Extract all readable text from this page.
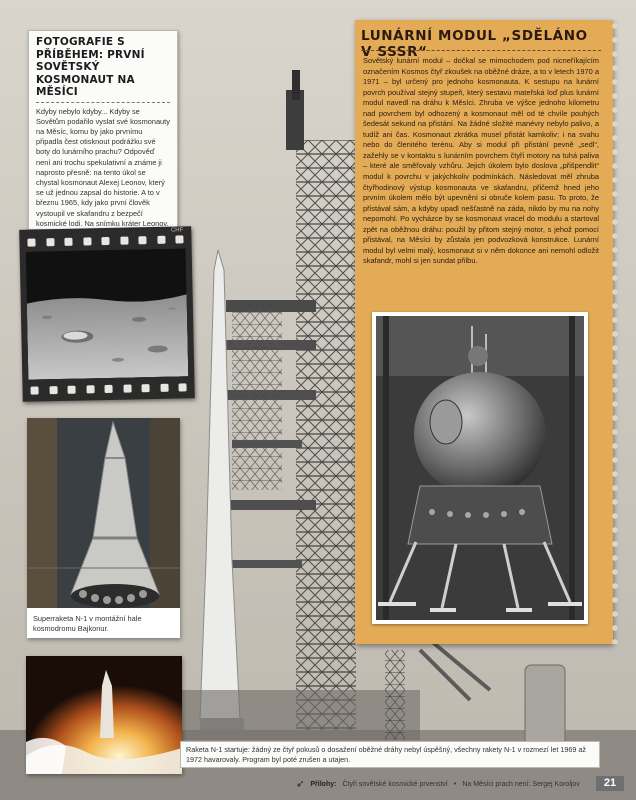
FOTOGRAFIE S PŘÍBĚHEM: PRVNÍ SOVĚTSKÝ KOSMONAUT NA MĚSÍCI
Kdyby nebylo kdyby... Kdyby se Sovětům podařilo vyslat své kosmonauty na Měsíc, komu by jako prvnímu připadla čest otisknout podrážku své boty do lunárního prachu? Odpověď není ani trochu spekulativní a známe ji naprosto přesně: na tento úkol se chystal kosmonaut Alexej Leonov, který se už jednou zapsal do historie. A to v březnu 1965, kdy jako první člověk vystoupil ve skafandru z bezpečí kosmické lodi. Na snímku kráter Leonov.
CHF
Superraketa N-1 v montážní hale kosmodromu Bajkonur.
Raketa N-1 startuje: žádný ze čtyř pokusů o dosažení oběžné dráhy nebyl úspěšný, všechny rakety N-1 v rozmezí let 1969 až 1972 havarovaly. Program byl poté zrušen a utajen.
LUNÁRNÍ MODUL „SDĚLÁNO V SSSR“
Sovětský lunární modul – dočkal se mimochodem pod nicneříkajícím označením Kosmos čtyř zkoušek na oběžné dráze, a to v letech 1970 a 1971 – byl určený pro jednoho kosmonauta. K sestupu na lunární povrch používal stejný stupeň, který sestavu mateřská loď plus lunární modul navedl na dráhu k Měsíci. Zhruba ve výšce jednoho kilometru nad povrchem byl odhozený a kosmonaut měl od té chvíle pouhých šedesát sekund na přistání. Na žádné složité manévry nebylo palivo, a tudíž ani čas. Kosmonaut zkrátka musel přistát kamkoliv: i na svahu nebo do členitého terénu. Aby si modul při přistání pevně „sedl“, zažehly se v kontaktu s lunárním povrchem čtyři motory na tuhá paliva – které ale směřovaly vzhůru. Jejich úkolem bylo doslova „přišpendlit“ modul k povrchu v jakýchkoliv podmínkách. Následovat měl zhruba čtyřhodinový výstup kosmonauta ve skafandru, přičemž hned jeho prvním úkolem mělo být upevnění si obruče kolem pasu. To proto, že přistával sám, a kdyby upadl nešťastně na záda, nikdo by mu na nohy nepomohl. Po vycházce by se kosmonaut vracel do modulu a startoval zpět na oběžnou dráhu: použil by přitom stejný motor, s jehož pomocí přistával, na Měsíci by zůstala jen podvozková konstrukce. Lunární modul byl velmi malý, kosmonaut si v něm dokonce ani nemohl odložit skafandr, mohl si jen sundat přilbu.
➶ Přílohy: Čtyři sovětské kosmické prvenství • Na Měsíci prach není: Sergej Koroljov	21
